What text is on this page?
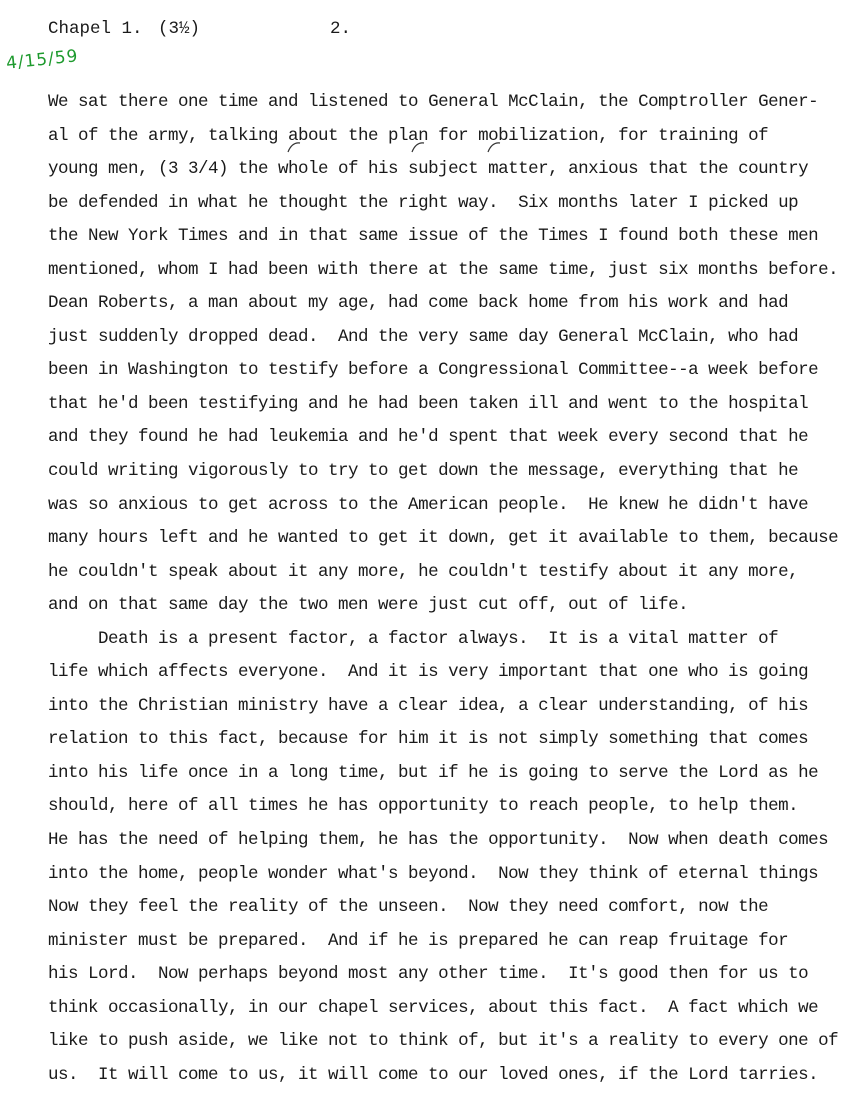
Chapel 1. (3½)	2.
4/15/59
We sat there one time and listened to General McClain, the Comptroller Gener-
al of the army, talking about the plan for mobilization, for training of
young men, (3 3/4) the whole of his subject matter, anxious that the country
be defended in what he thought the right way.  Six months later I picked up
the New York Times and in that same issue of the Times I found both these men
mentioned, whom I had been with there at the same time, just six months before.
Dean Roberts, a man about my age, had come back home from his work and had
just suddenly dropped dead.  And the very same day General McClain, who had
been in Washington to testify before a Congressional Committee--a week before
that he'd been testifying and he had been taken ill and went to the hospital
and they found he had leukemia and he'd spent that week every second that he
could writing vigorously to try to get down the message, everything that he
was so anxious to get across to the American people.  He knew he didn't have
many hours left and he wanted to get it down, get it available to them, because
he couldn't speak about it any more, he couldn't testify about it any more,
and on that same day the two men were just cut off, out of life.
Death is a present factor, a factor always.  It is a vital matter of
life which affects everyone.  And it is very important that one who is going
into the Christian ministry have a clear idea, a clear understanding, of his
relation to this fact, because for him it is not simply something that comes
into his life once in a long time, but if he is going to serve the Lord as he
should, here of all times he has opportunity to reach people, to help them.
He has the need of helping them, he has the opportunity.  Now when death comes
into the home, people wonder what's beyond.  Now they think of eternal things
Now they feel the reality of the unseen.  Now they need comfort, now the
minister must be prepared.  And if he is prepared he can reap fruitage for
his Lord.  Now perhaps beyond most any other time.  It's good then for us to
think occasionally, in our chapel services, about this fact.  A fact which we
like to push aside, we like not to think of, but it's a reality to every one of
us.  It will come to us, it will come to our loved ones, if the Lord tarries.
